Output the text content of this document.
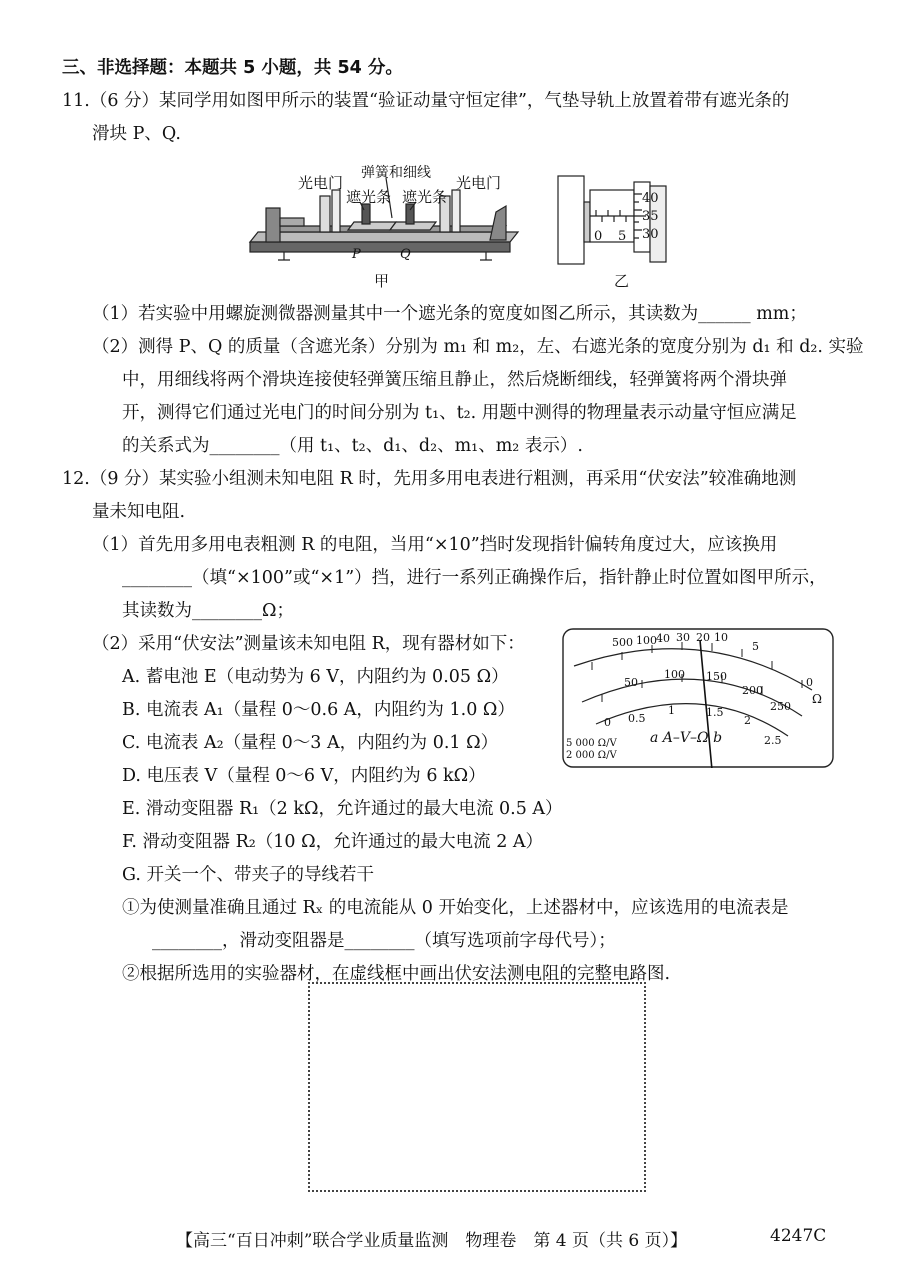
三、非选择题：本题共 5 小题，共 54 分。
11.（6 分）某同学用如图甲所示的装置“验证动量守恒定律”，气垫导轨上放置着带有遮光条的
滑块 P、Q.
光电门
弹簧和细线
遮光条 遮光条
光电门
P	Q
甲
40
35
30
0 5
乙
（1）若实验中用螺旋测微器测量其中一个遮光条的宽度如图乙所示，其读数为______ mm；
（2）测得 P、Q 的质量（含遮光条）分别为 m₁ 和 m₂，左、右遮光条的宽度分别为 d₁ 和 d₂. 实验
中，用细线将两个滑块连接使轻弹簧压缩且静止，然后烧断细线，轻弹簧将两个滑块弹
开，测得它们通过光电门的时间分别为 t₁、t₂. 用题中测得的物理量表示动量守恒应满足
的关系式为________（用 t₁、t₂、d₁、d₂、m₁、m₂ 表示）.
12.（9 分）某实验小组测未知电阻 R 时，先用多用电表进行粗测，再采用“伏安法”较准确地测
量未知电阻.
（1）首先用多用电表粗测 R 的电阻，当用“×10”挡时发现指针偏转角度过大，应该换用
________（填“×100”或“×1”）挡，进行一系列正确操作后，指针静止时位置如图甲所示，
其读数为________Ω；
（2）采用“伏安法”测量该未知电阻 R，现有器材如下：
A. 蓄电池 E（电动势为 6 V，内阻约为 0.05 Ω）
B. 电流表 A₁（量程 0～0.6 A，内阻约为 1.0 Ω）
C. 电流表 A₂（量程 0～3 A，内阻约为 0.1 Ω）
D. 电压表 V（量程 0～6 V，内阻约为 6 kΩ）
E. 滑动变阻器 R₁（2 kΩ，允许通过的最大电流 0.5 A）
F. 滑动变阻器 R₂（10 Ω，允许通过的最大电流 2 A）
G. 开关一个、带夹子的导线若干
①为使测量准确且通过 Rₓ 的电流能从 0 开始变化，上述器材中，应该选用的电流表是
________，滑动变阻器是________（填写选项前字母代号）；
②根据所选用的实验器材，在虚线框中画出伏安法测电阻的完整电路图.
500 100 40 30 20 10
5
0
Ω
50
100 150
200
250
0 0.5
1	1.5
2
2.5
a A–V–Ω b
5 000 Ω/V
2 000 Ω/V
【高三“百日冲刺”联合学业质量监测　物理卷　第 4 页（共 6 页）】	4247C
